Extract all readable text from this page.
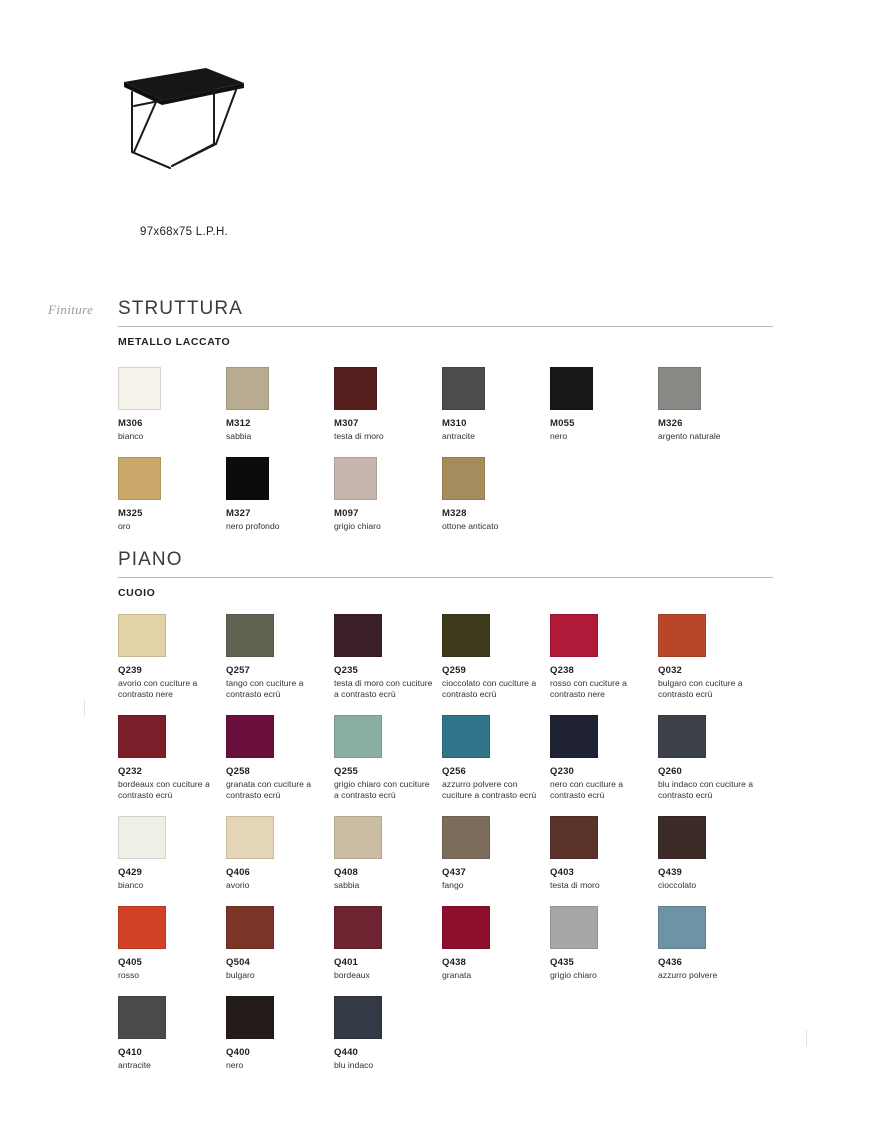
97x68x75 L.P.H.
Finiture STRUTTURA
METALLO LACCATO
M306
bianco
M312
sabbia
M307
testa di moro
M310
antracite
M055
nero
M326
argento naturale
M325
oro
M327
nero profondo
M097
grigio chiaro
M328
ottone anticato
PIANO
CUOIO
Q239
avorio con cuciture a contrasto nere
Q257
tango con cuciture a contrasto ecrù
Q235
testa di moro con cuciture a contrasto ecrù
Q259
cioccolato con cuciture a contrasto ecrù
Q238
rosso con cuciture a contrasto nere
Q032
bulgaro con cuciture a contrasto ecrù
Q232
bordeaux con cuciture a contrasto ecrù
Q258
granata con cuciture a contrasto ecrù
Q255
grigio chiaro con cuciture a contrasto ecrù
Q256
azzurro polvere con cuciture a contrasto ecrù
Q230
nero con cuciture a contrasto ecrù
Q260
blu indaco con cuciture a contrasto ecrù
Q429
bianco
Q406
avorio
Q408
sabbia
Q437
fango
Q403
testa di moro
Q439
cioccolato
Q405
rosso
Q504
bulgaro
Q401
bordeaux
Q438
granata
Q435
grigio chiaro
Q436
azzurro polvere
Q410
antracite
Q400
nero
Q440
blu indaco
